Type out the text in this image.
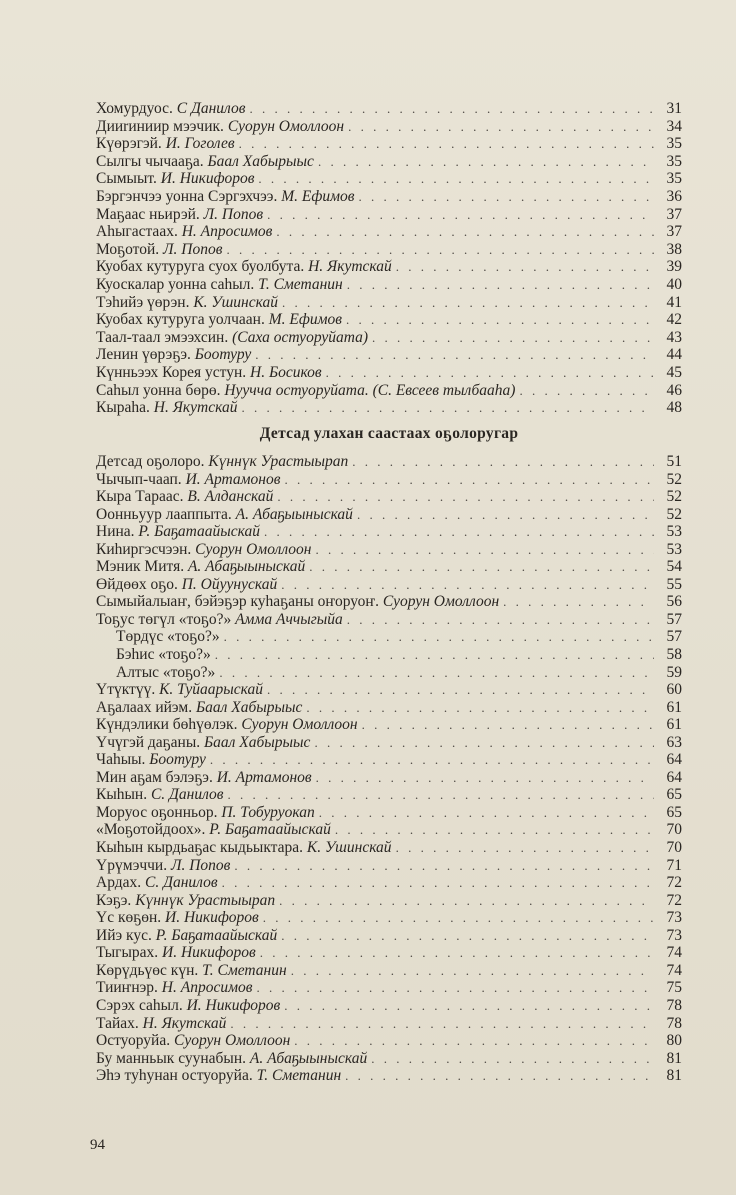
Хомурдуос. С Данилов . . .	31
Дииrиниир мээчик. Суорун Омоллоон . . .	34
Күөрэгэй. И. Гоголев . . .	35
Сылгы чычааҕа. Баал Хабырыыс . . .	35
Сымыыт. И. Никифоров . . .	35
Бэргэнчээ уонна Сэргэхчээ. М. Ефимов . . .	36
Маҕаас ньирэй. Л. Попов . . .	37
Аһыгастаах. Н. Апросимов . . .	37
Моҕотой. Л. Попов . . .	38
Куобах кутуруга суох буолбута. Н. Якутскай . . .	39
Куоскалар уонна саһыл. Т. Сметанин . . .	40
Тэһийэ үөрэн. К. Ушинскай . . .	41
Куобах кутуруга уолчаан. М. Ефимов . . .	42
Таал-таал эмээхсин. (Саха остуоруйата) . . .	43
Ленин үөрэҕэ. Боотуру . . .	44
Күнньээх Корея устун. Н. Босиков . . .	45
Саһыл уонна бөрө. Нууччa остуоруйата. (С. Евсеев тылбааһа) . . .	46
Кыраһа. Н. Якутскай . . .	48
Детсад улахан саастаах оҕолоругар
Детсад оҕолоро. Күннүк Урастыырап . . .	51
Чычып-чаап. И. Артамонов . . .	52
Кыра Тараас. В. Алданскай . . .	52
Оонньуур лааппыта. А. Абаҕыыныскай . . .	52
Нина. Р. Баҕатаайыскай . . .	53
Киһиргэсчээн. Суорун Омоллоон . . .	53
Мэник Митя. А. Абаҕыыныскай . . .	54
Өйдөөх оҕо. П. Ойуунускай . . .	55
Сымыйалыаҥ, бэйэҕэр куһаҕаны оҥоруоҥ. Суорун Омоллоон . . .	56
Тоҕус төгүл «тоҕо?» Амма Аччыгыйа . . .	57
Төрдүс «тоҕо?» . . .	57
Бэһис «тоҕо?» . . .	58
Алтыс «тоҕо?» . . .	59
Үтүктүү. К. Туйаарыскай . . .	60
Аҕалаах ийэм. Баал Хабырыыс . . .	61
Күндэлики бөһүөлэк. Суорун Омоллоон . . .	61
Үчүгэй даҕаны. Баал Хабырыыс . . .	63
Чаһыы. Боотуру . . .	64
Мин аҕам бэлэҕэ. И. Артамонов . . .	64
Кыһын. С. Данилов . . .	65
Моруос оҕонньор. П. Тобуруокап . . .	65
«Моҕотойдоох». Р. Баҕатаайыскай . . .	70
Кыһын кырдьаҕас кыдьыктара. К. Ушинскай . . .	70
Үрүмэччи. Л. Попов . . .	71
Ардах. С. Данилов . . .	72
Кэҕэ. Күннүк Урастыырап . . .	72
Үс көҕөн. И. Никифоров . . .	73
Ийэ кус. Р. Баҕатаайыскай . . .	73
Тыгырах. И. Никифоров . . .	74
Көрүдьүөс күн. Т. Сметанин . . .	74
Тииҥнэр. Н. Апросимов . . .	75
Сэрэх саһыл. И. Никифоров . . .	78
Тайах. Н. Якутскай . . .	78
Остуоруйа. Суорун Омоллоон . . .	80
Бу манньык суунабын. А. Абаҕыыныскай . . .	81
Эһэ туһунан остуоруйа. Т. Сметанин . . .	81
94
